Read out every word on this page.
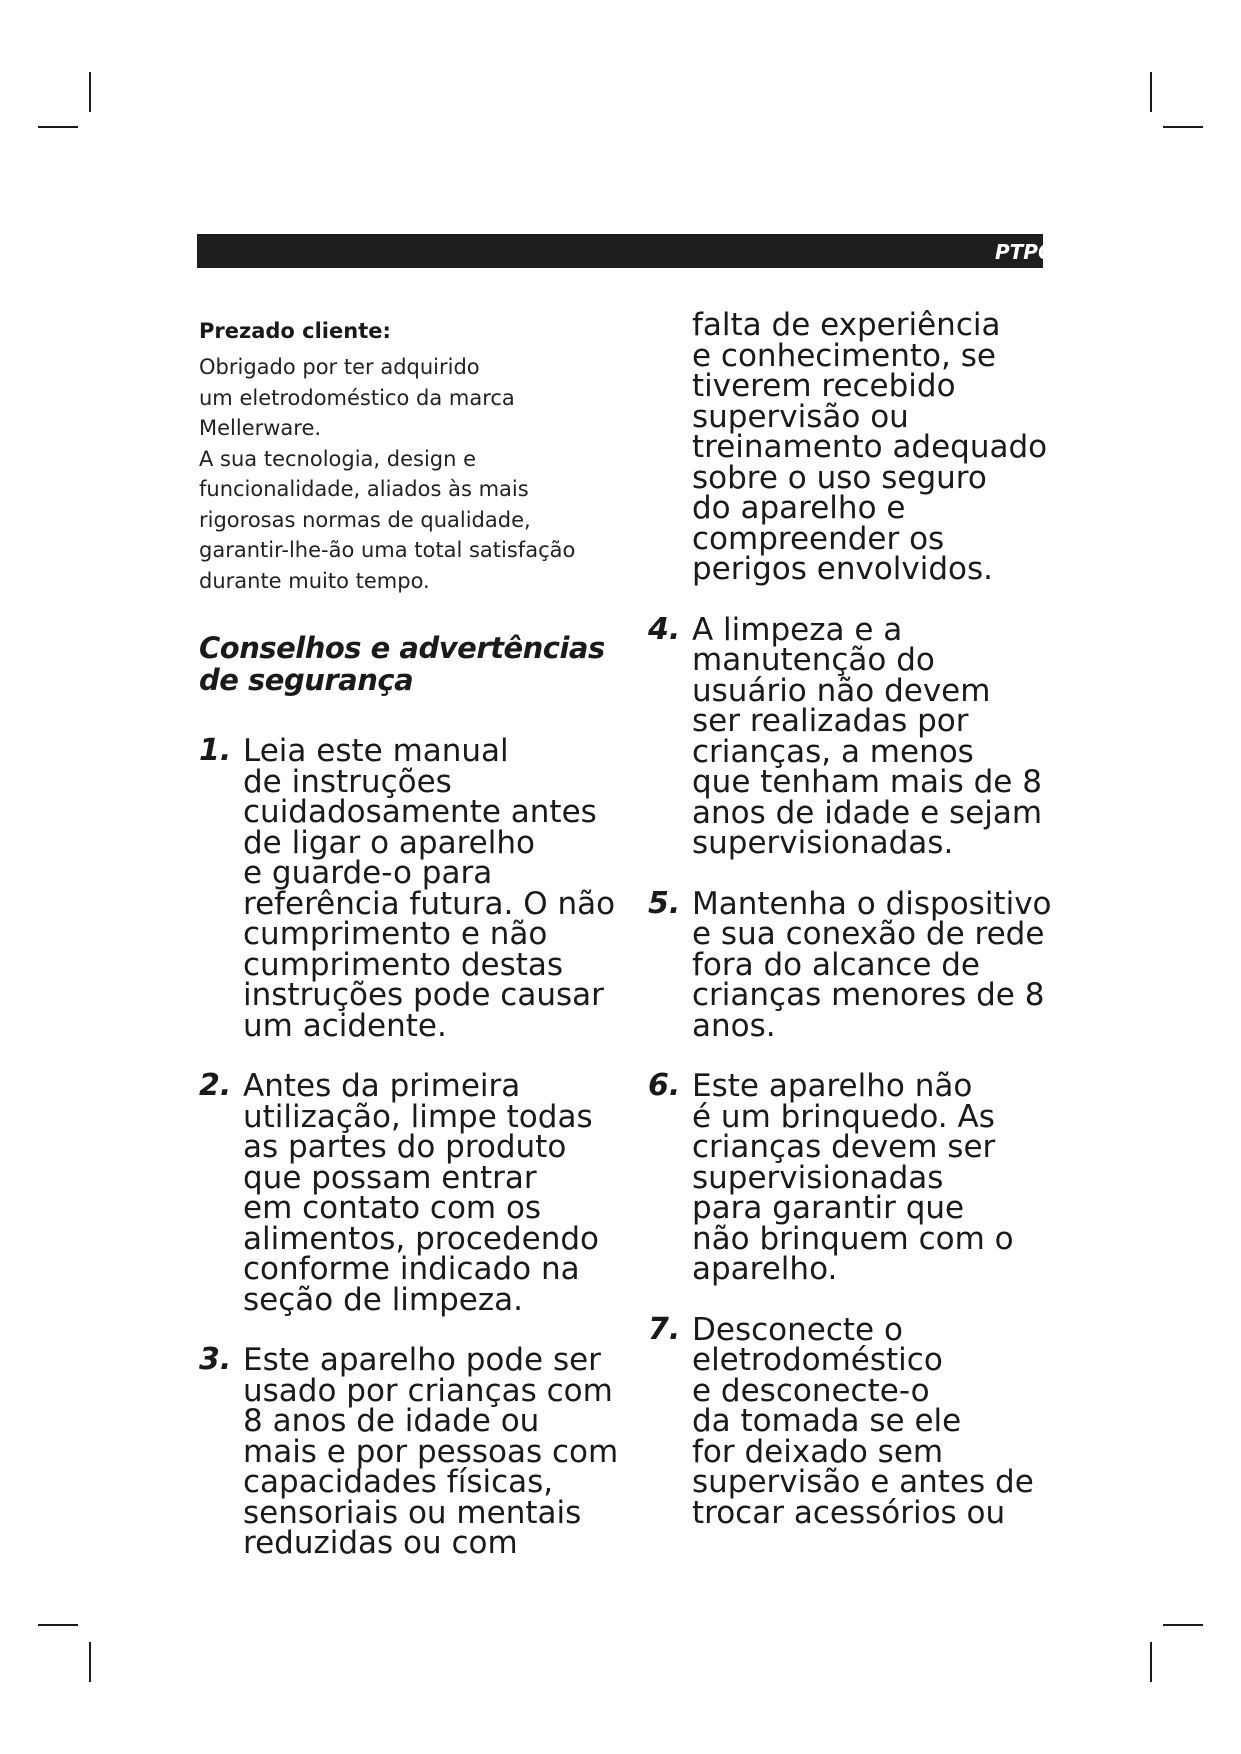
PTPO

Prezado cliente:

Obrigado por ter adquirido
um eletrodoméstico da marca
Mellerware.
A sua tecnologia, design e
funcionalidade, aliados às mais
rigorosas normas de qualidade,
garantir-lhe-ão uma total satisfação
durante muito tempo.

Conselhos e advertências
de segurança
1. Leia este manual
de instruções
cuidadosamente antes
de ligar o aparelho
e guarde-o para
referência futura. O não
cumprimento e não
cumprimento destas
instruções pode causar
um acidente.
2. Antes da primeira
utilização, limpe todas
as partes do produto
que possam entrar
em contato com os
alimentos, procedendo
conforme indicado na
seção de limpeza.
3. Este aparelho pode ser
usado por crianças com
8 anos de idade ou
mais e por pessoas com
capacidades físicas,
sensoriais ou mentais
reduzidas ou com
falta de experiência
e conhecimento, se
tiverem recebido
supervisão ou
treinamento adequado
sobre o uso seguro
do aparelho e
compreender os
perigos envolvidos.
4. A limpeza e a
manutenção do
usuário não devem
ser realizadas por
crianças, a menos
que tenham mais de 8
anos de idade e sejam
supervisionadas.
5. Mantenha o dispositivo
e sua conexão de rede
fora do alcance de
crianças menores de 8
anos.
6. Este aparelho não
é um brinquedo. As
crianças devem ser
supervisionadas
para garantir que
não brinquem com o
aparelho.
7. Desconecte o
eletrodoméstico
e desconecte-o
da tomada se ele
for deixado sem
supervisão e antes de
trocar acessórios ou
